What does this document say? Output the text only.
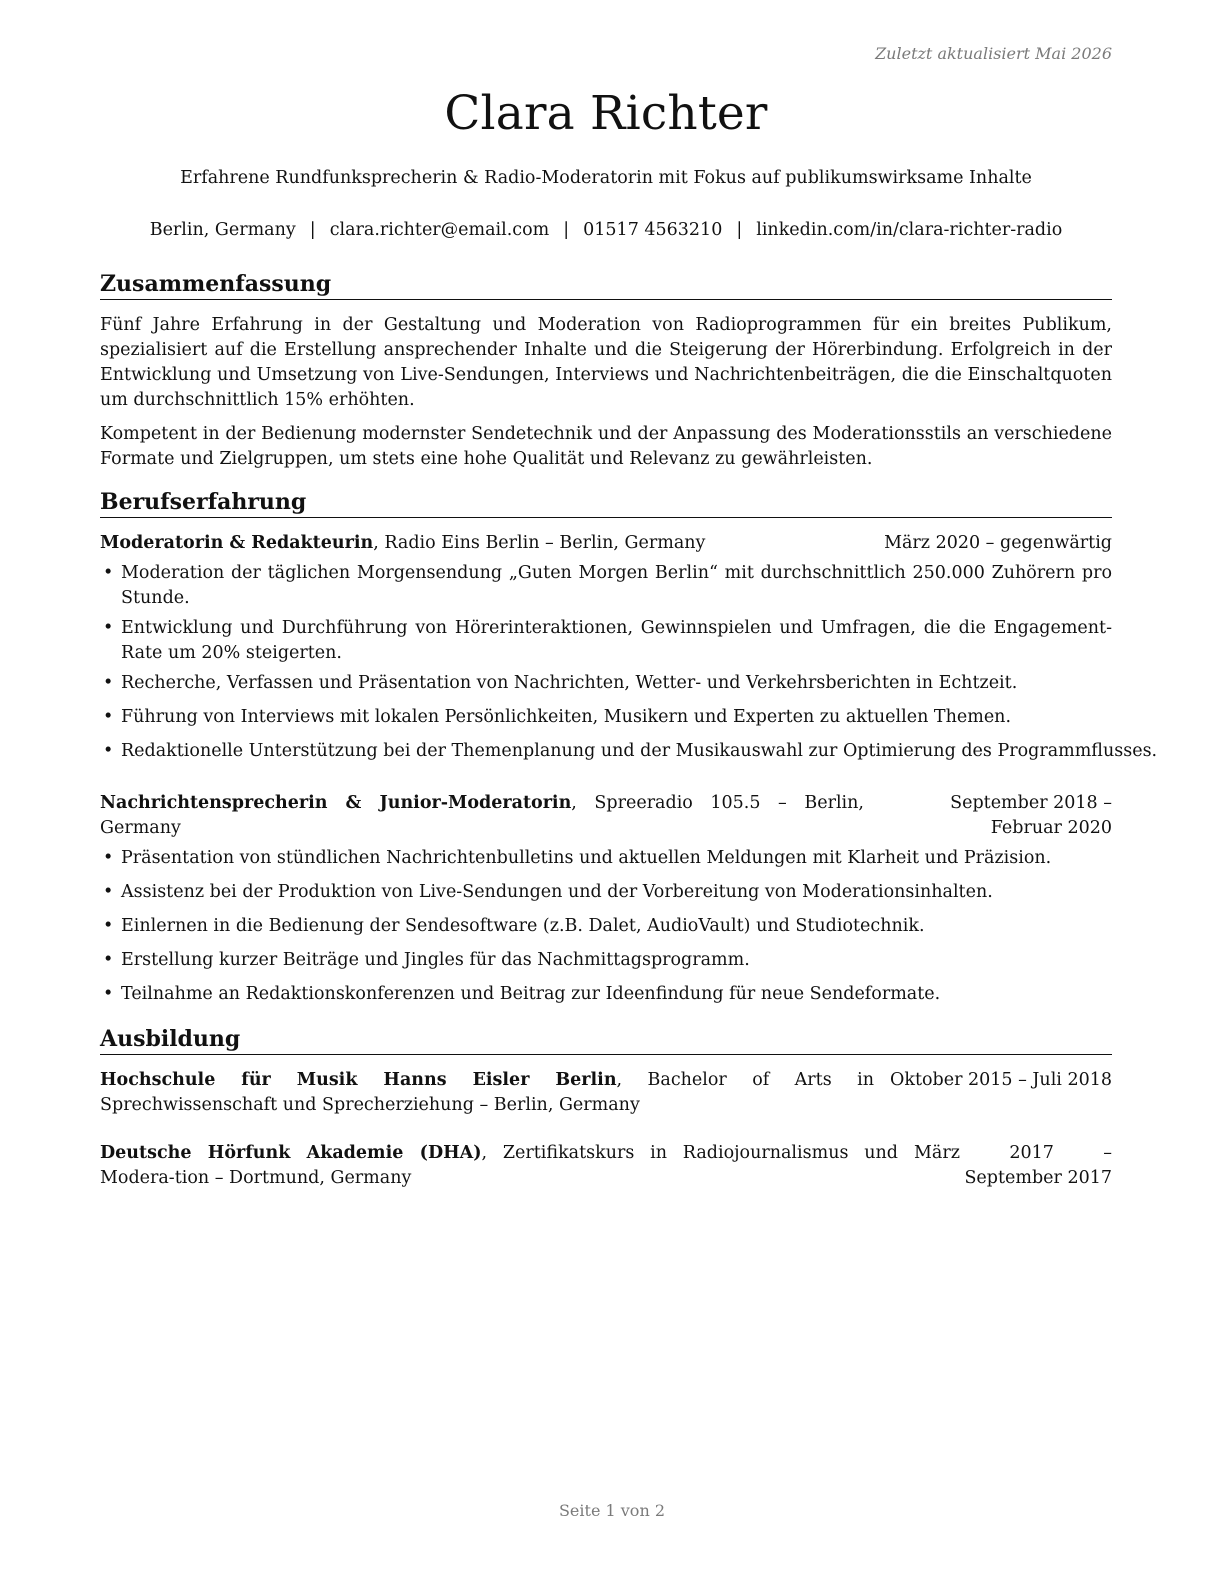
Zuletzt aktualisiert Mai 2026
Clara Richter

Erfahrene Rundfunksprecherin & Radio-Moderatorin mit Fokus auf publikumswirksame Inhalte

Berlin, Germany | clara.richter@email.com | 01517 4563210 | linkedin.com/in/clara-richter-radio

Zusammenfassung

Fünf Jahre Erfahrung in der Gestaltung und Moderation von Radioprogrammen für ein breites Publikum, spezialisiert auf die Erstellung ansprechender Inhalte und die Steigerung der Hörerbindung. Erfolgreich in der Entwicklung und Umsetzung von Live-Sendungen, Interviews und Nachrichtenbeiträgen, die die Einschaltquoten um durchschnittlich 15% erhöhten.

Kompetent in der Bedienung modernster Sendetechnik und der Anpassung des Moderationsstils an verschiedene Formate und Zielgruppen, um stets eine hohe Qualität und Relevanz zu gewährleisten.

Berufserfahrung
Moderatorin & Redakteurin, Radio Eins Berlin – Berlin, Germany	März 2020 – gegenwärtig
• Moderation der täglichen Morgensendung „Guten Morgen Berlin“ mit durchschnittlich 250.000 Zuhörern pro Stunde.
• Entwicklung und Durchführung von Hörerinteraktionen, Gewinnspielen und Umfragen, die die Engagement-Rate um 20% steigerten.
• Recherche, Verfassen und Präsentation von Nachrichten, Wetter- und Verkehrsberichten in Echtzeit.
• Führung von Interviews mit lokalen Persönlichkeiten, Musikern und Experten zu aktuellen Themen.
• Redaktionelle Unterstützung bei der Themenplanung und der Musikauswahl zur Optimierung des Programmflusses.
Nachrichtensprecherin & Junior-Moderatorin, Spreeradio 105.5 – Berlin, Germany
September 2018 – Februar 2020
• Präsentation von stündlichen Nachrichtenbulletins und aktuellen Meldungen mit Klarheit und Präzision.
• Assistenz bei der Produktion von Live-Sendungen und der Vorbereitung von Moderationsinhalten.
• Einlernen in die Bedienung der Sendesoftware (z.B. Dalet, AudioVault) und Studiotechnik.
• Erstellung kurzer Beiträge und Jingles für das Nachmittagsprogramm.
• Teilnahme an Redaktionskonferenzen und Beitrag zur Ideenfindung für neue Sendeformate.
Ausbildung
Hochschule für Musik Hanns Eisler Berlin, Bachelor of Arts in Sprechwissenschaft und Sprecherziehung – Berlin, Germany
Oktober 2015 – Juli 2018
Deutsche Hörfunk Akademie (DHA), Zertifikatskurs in Radiojournalismus und Modera-tion – Dortmund, Germany
März 2017 – September 2017
Seite 1 von 2
